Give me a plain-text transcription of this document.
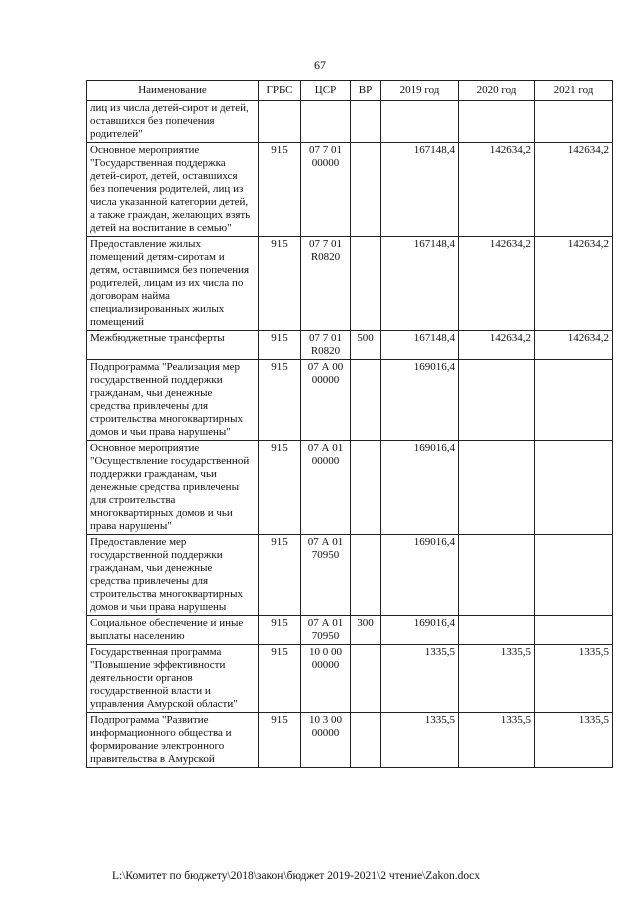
67
Наименование	ГРБС	ЦСР	ВР	2019 год	2020 год	2021 год
лиц из числа детей-сирот и детей, оставшихся без попечения родителей"						
Основное мероприятие "Государственная поддержка детей-сирот, детей, оставшихся без попечения родителей, лиц из числа указанной категории детей, а также граждан, желающих взять детей на воспитание в семью"	915	07 7 01 00000		167148,4	142634,2	142634,2
Предоставление жилых помещений детям-сиротам и детям, оставшимся без попечения родителей, лицам из их числа по договорам найма специализированных жилых помещений	915	07 7 01 R0820		167148,4	142634,2	142634,2
Межбюджетные трансферты	915	07 7 01 R0820	500	167148,4	142634,2	142634,2
Подпрограмма "Реализация мер государственной поддержки гражданам, чьи денежные средства привлечены для строительства многоквартирных домов и чьи права нарушены"	915	07 А 00 00000		169016,4		
Основное мероприятие "Осуществление государственной поддержки гражданам, чьи денежные средства привлечены для строительства многоквартирных домов и чьи права нарушены"	915	07 А 01 00000		169016,4		
Предоставление мер государственной поддержки гражданам, чьи денежные средства привлечены для строительства многоквартирных домов и чьи права нарушены	915	07 А 01 70950		169016,4		
Социальное обеспечение и иные выплаты населению	915	07 А 01 70950	300	169016,4		
Государственная программа "Повышение эффективности деятельности органов государственной власти и управления Амурской области"	915	10 0 00 00000		1335,5	1335,5	1335,5
Подпрограмма "Развитие информационного общества и формирование электронного правительства в Амурской	915	10 3 00 00000		1335,5	1335,5	1335,5
L:\Комитет по бюджету\2018\закон\бюджет 2019-2021\2 чтение\Zakon.docx
